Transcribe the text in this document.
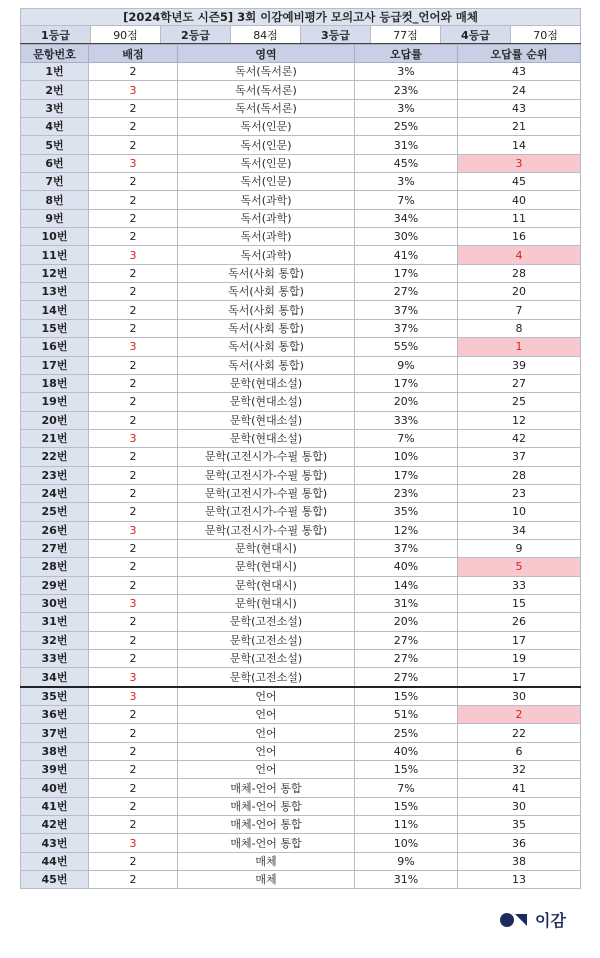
[2024학년도 시즌5] 3회 이감예비평가 모의고사 등급컷_언어와 매체
1등급	90점	2등급	84점	3등급	77점	4등급	70점
문항번호	배점	영역	오답률	오답률 순위
1번	2	독서(독서론)	3%	43
2번	3	독서(독서론)	23%	24
3번	2	독서(독서론)	3%	43
4번	2	독서(인문)	25%	21
5번	2	독서(인문)	31%	14
6번	3	독서(인문)	45%	3
7번	2	독서(인문)	3%	45
8번	2	독서(과학)	7%	40
9번	2	독서(과학)	34%	11
10번	2	독서(과학)	30%	16
11번	3	독서(과학)	41%	4
12번	2	독서(사회 통합)	17%	28
13번	2	독서(사회 통합)	27%	20
14번	2	독서(사회 통합)	37%	7
15번	2	독서(사회 통합)	37%	8
16번	3	독서(사회 통합)	55%	1
17번	2	독서(사회 통합)	9%	39
18번	2	문학(현대소설)	17%	27
19번	2	문학(현대소설)	20%	25
20번	2	문학(현대소설)	33%	12
21번	3	문학(현대소설)	7%	42
22번	2	문학(고전시가-수필 통합)	10%	37
23번	2	문학(고전시가-수필 통합)	17%	28
24번	2	문학(고전시가-수필 통합)	23%	23
25번	2	문학(고전시가-수필 통합)	35%	10
26번	3	문학(고전시가-수필 통합)	12%	34
27번	2	문학(현대시)	37%	9
28번	2	문학(현대시)	40%	5
29번	2	문학(현대시)	14%	33
30번	3	문학(현대시)	31%	15
31번	2	문학(고전소설)	20%	26
32번	2	문학(고전소설)	27%	17
33번	2	문학(고전소설)	27%	19
34번	3	문학(고전소설)	27%	17
35번	3	언어	15%	30
36번	2	언어	51%	2
37번	2	언어	25%	22
38번	2	언어	40%	6
39번	2	언어	15%	32
40번	2	매체-언어 통합	7%	41
41번	2	매체-언어 통합	15%	30
42번	2	매체-언어 통합	11%	35
43번	3	매체-언어 통합	10%	36
44번	2	매체	9%	38
45번	2	매체	31%	13
이감
